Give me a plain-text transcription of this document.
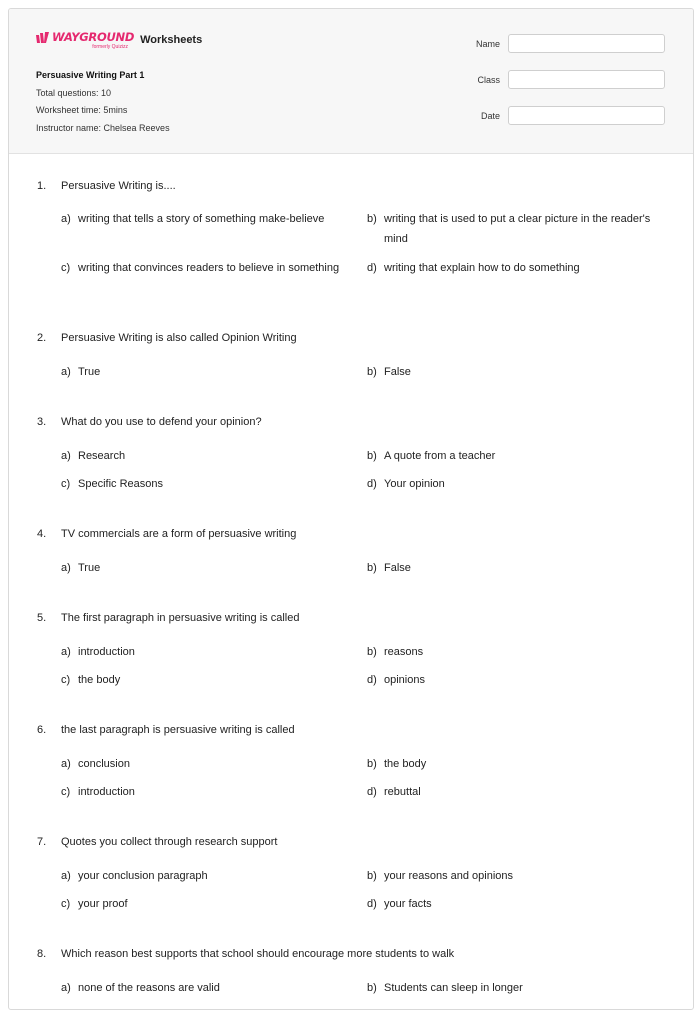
WAYGROUND
formerly Quizizz
Worksheets
Persuasive Writing Part 1
Total questions: 10
Worksheet time: 5mins
Instructor name: Chelsea Reeves
Name
Class
Date
1. Persuasive Writing is....
a) writing that tells a story of something make-believe	b) writing that is used to put a clear picture in the reader's mind
c) writing that convinces readers to believe in something	d) writing that explain how to do something
2. Persuasive Writing is also called Opinion Writing
a) True	b) False
3. What do you use to defend your opinion?
a) Research	b) A quote from a teacher
c) Specific Reasons	d) Your opinion
4. TV commercials are a form of persuasive writing
a) True	b) False
5. The first paragraph in persuasive writing is called
a) introduction	b) reasons
c) the body	d) opinions
6. the last paragraph is persuasive writing is called
a) conclusion	b) the body
c) introduction	d) rebuttal
7. Quotes you collect through research support
a) your conclusion paragraph	b) your reasons and opinions
c) your proof	d) your facts
8. Which reason best supports that school should encourage more students to walk
a) none of the reasons are valid	b) Students can sleep in longer
